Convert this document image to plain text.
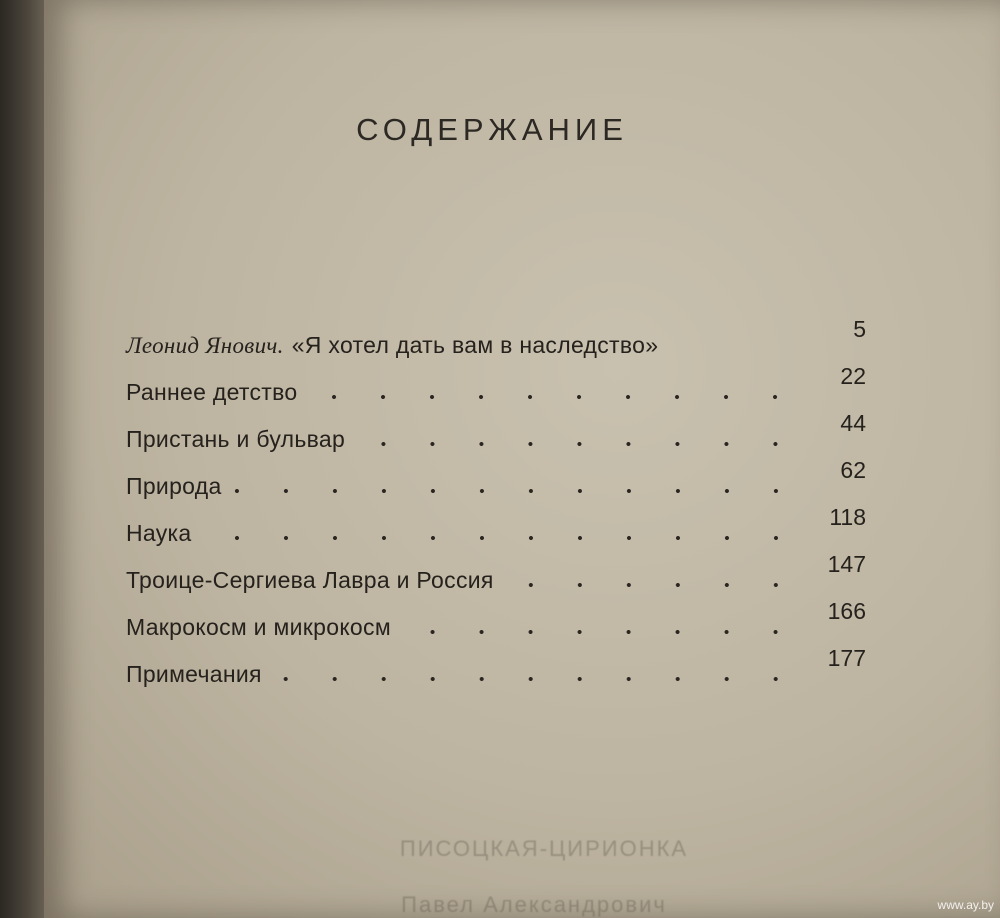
СОДЕРЖАНИЕ
Леонид Янович. «Я хотел дать вам в наследство»
5
Раннее детство
22
Пристань и бульвар
44
Природа
62
Наука
118
Троице-Сергиева Лавра и Россия
147
Макрокосм и микрокосм
166
Примечания
177
ПИСОЦКАЯ-ЦИРИОНКА
Павел Александрович	www.ay.by
